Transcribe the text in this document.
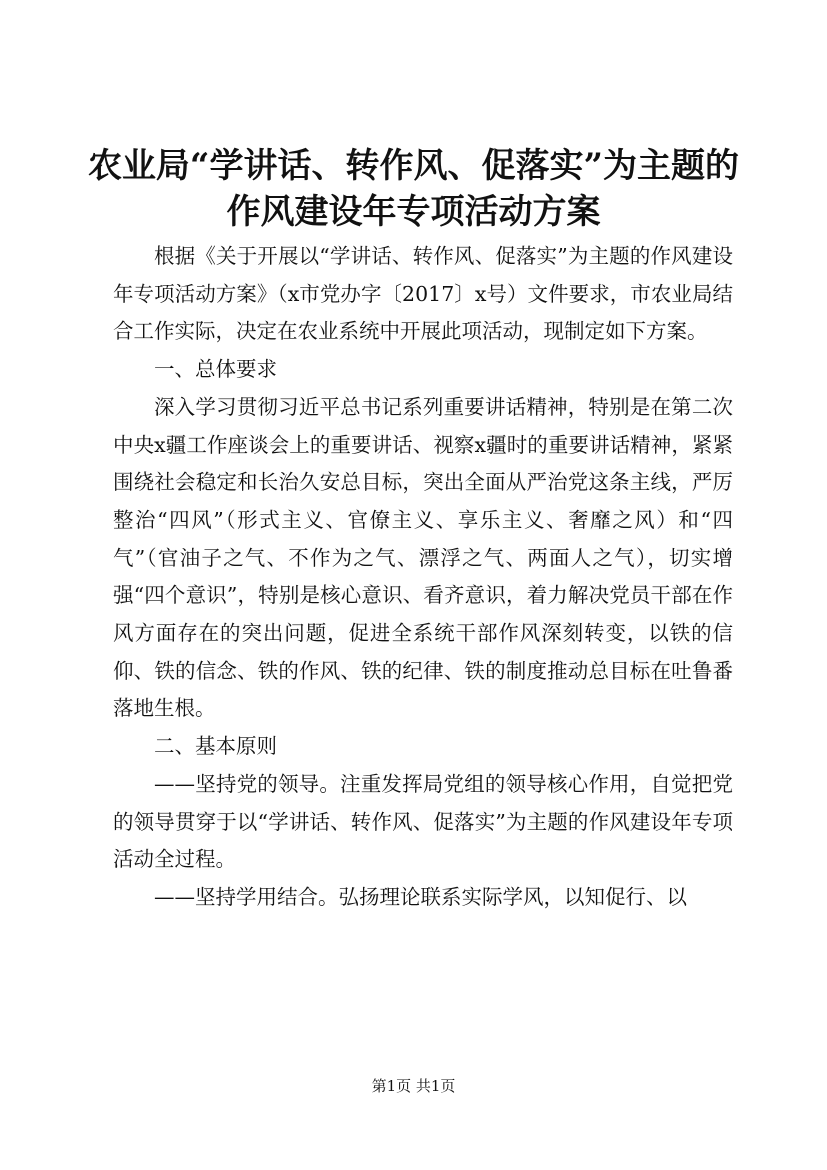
农业局“学讲话、转作风、促落实”为主题的
作风建设年专项活动方案

根据《关于开展以“学讲话、转作风、促落实”为主题的作风建设年专项活动方案》（x市党办字〔2017〕x号）文件要求，市农业局结合工作实际，决定在农业系统中开展此项活动，现制定如下方案。

一、总体要求

深入学习贯彻习近平总书记系列重要讲话精神，特别是在第二次中央x疆工作座谈会上的重要讲话、视察x疆时的重要讲话精神，紧紧围绕社会稳定和长治久安总目标，突出全面从严治党这条主线，严厉整治“四风”（形式主义、官僚主义、享乐主义、奢靡之风）和“四气”（官油子之气、不作为之气、漂浮之气、两面人之气），切实增强“四个意识”，特别是核心意识、看齐意识，着力解决党员干部在作风方面存在的突出问题，促进全系统干部作风深刻转变，以铁的信仰、铁的信念、铁的作风、铁的纪律、铁的制度推动总目标在吐鲁番落地生根。

二、基本原则

——坚持党的领导。注重发挥局党组的领导核心作用，自觉把党的领导贯穿于以“学讲话、转作风、促落实”为主题的作风建设年专项活动全过程。

——坚持学用结合。弘扬理论联系实际学风，以知促行、以

第1页 共1页
